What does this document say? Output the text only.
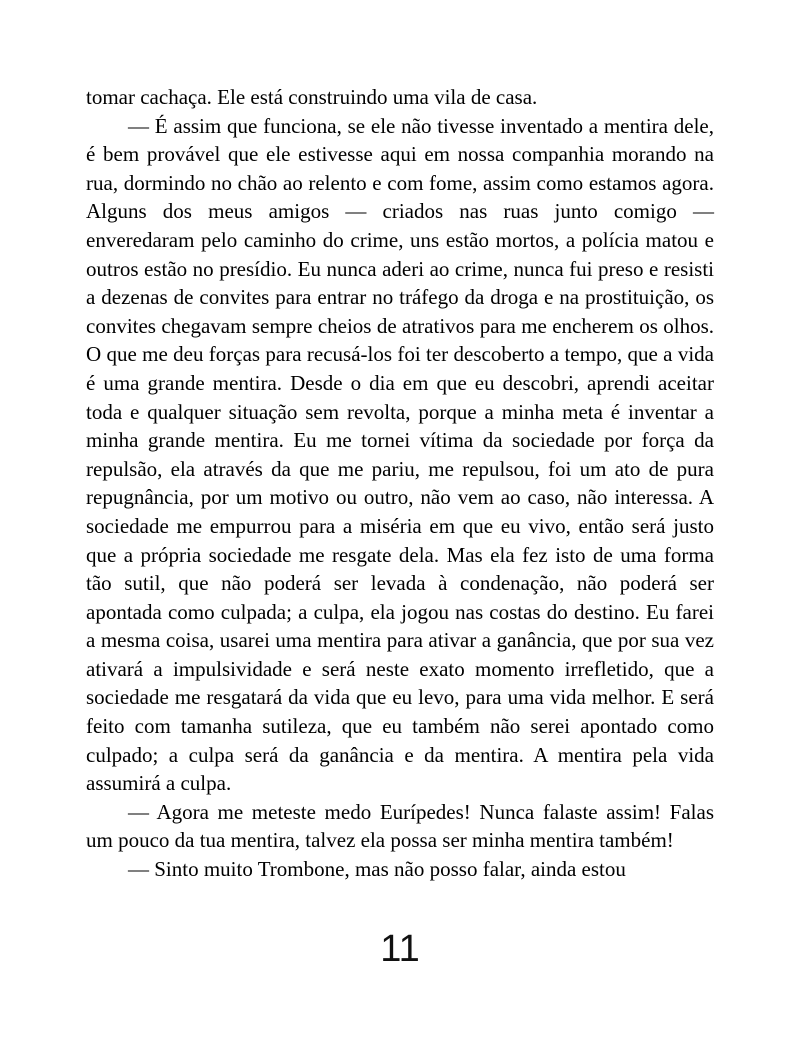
tomar cachaça. Ele está construindo uma vila de casa.

— É assim que funciona, se ele não tivesse inventado a mentira dele, é bem provável que ele estivesse aqui em nossa companhia morando na rua, dormindo no chão ao relento e com fome, assim como estamos agora. Alguns dos meus amigos — criados nas ruas junto comigo — enveredaram pelo caminho do crime, uns estão mortos, a polícia matou e outros estão no presídio. Eu nunca aderi ao crime, nunca fui preso e resisti a dezenas de convites para entrar no tráfego da droga e na prostituição, os convites chegavam sempre cheios de atrativos para me encherem os olhos. O que me deu forças para recusá-los foi ter descoberto a tempo, que a vida é uma grande mentira. Desde o dia em que eu descobri, aprendi aceitar toda e qualquer situação sem revolta, porque a minha meta é inventar a minha grande mentira. Eu me tornei vítima da sociedade por força da repulsão, ela através da que me pariu, me repulsou, foi um ato de pura repugnância, por um motivo ou outro, não vem ao caso, não interessa. A sociedade me empurrou para a miséria em que eu vivo, então será justo que a própria sociedade me resgate dela. Mas ela fez isto de uma forma tão sutil, que não poderá ser levada à condenação, não poderá ser apontada como culpada; a culpa, ela jogou nas costas do destino. Eu farei a mesma coisa, usarei uma mentira para ativar a ganância, que por sua vez ativará a impulsividade e será neste exato momento irrefletido, que a sociedade me resgatará da vida que eu levo, para uma vida melhor. E será feito com tamanha sutileza, que eu também não serei apontado como culpado; a culpa será da ganância e da mentira. A mentira pela vida assumirá a culpa.

— Agora me meteste medo Eurípedes! Nunca falaste assim! Falas um pouco da tua mentira, talvez ela possa ser minha mentira também!

— Sinto muito Trombone, mas não posso falar, ainda estou

11
